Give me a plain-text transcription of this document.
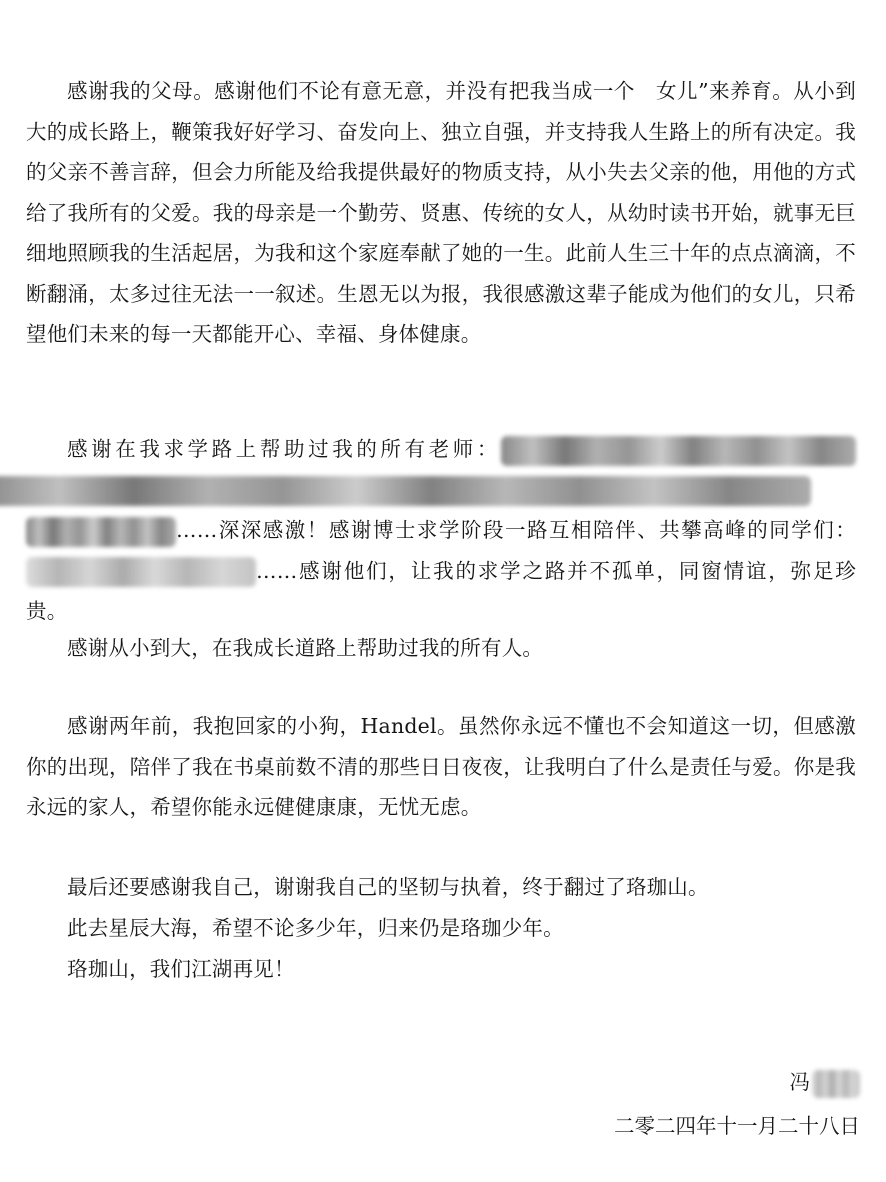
感谢我的父母。感谢他们不论有意无意，并没有把我当成一个　女儿”来养育。从小到大的成长路上，鞭策我好好学习、奋发向上、独立自强，并支持我人生路上的所有决定。我的父亲不善言辞，但会力所能及给我提供最好的物质支持，从小失去父亲的他，用他的方式给了我所有的父爱。我的母亲是一个勤劳、贤惠、传统的女人，从幼时读书开始，就事无巨细地照顾我的生活起居，为我和这个家庭奉献了她的一生。此前人生三十年的点点滴滴，不断翻涌，太多过往无法一一叙述。生恩无以为报，我很感激这辈子能成为他们的女儿，只希望他们未来的每一天都能开心、幸福、身体健康。

感谢在我求学路上帮助过我的所有老师：……深深感激！感谢博士求学阶段一路互相陪伴、共攀高峰的同学们：……感谢他们，让我的求学之路并不孤单，同窗情谊，弥足珍贵。

感谢从小到大，在我成长道路上帮助过我的所有人。

感谢两年前，我抱回家的小狗，Handel。虽然你永远不懂也不会知道这一切，但感激你的出现，陪伴了我在书桌前数不清的那些日日夜夜，让我明白了什么是责任与爱。你是我永远的家人，希望你能永远健健康康，无忧无虑。

最后还要感谢我自己，谢谢我自己的坚韧与执着，终于翻过了珞珈山。

此去星辰大海，希望不论多少年，归来仍是珞珈少年。

珞珈山，我们江湖再见！

冯
二零二四年十一月二十八日
